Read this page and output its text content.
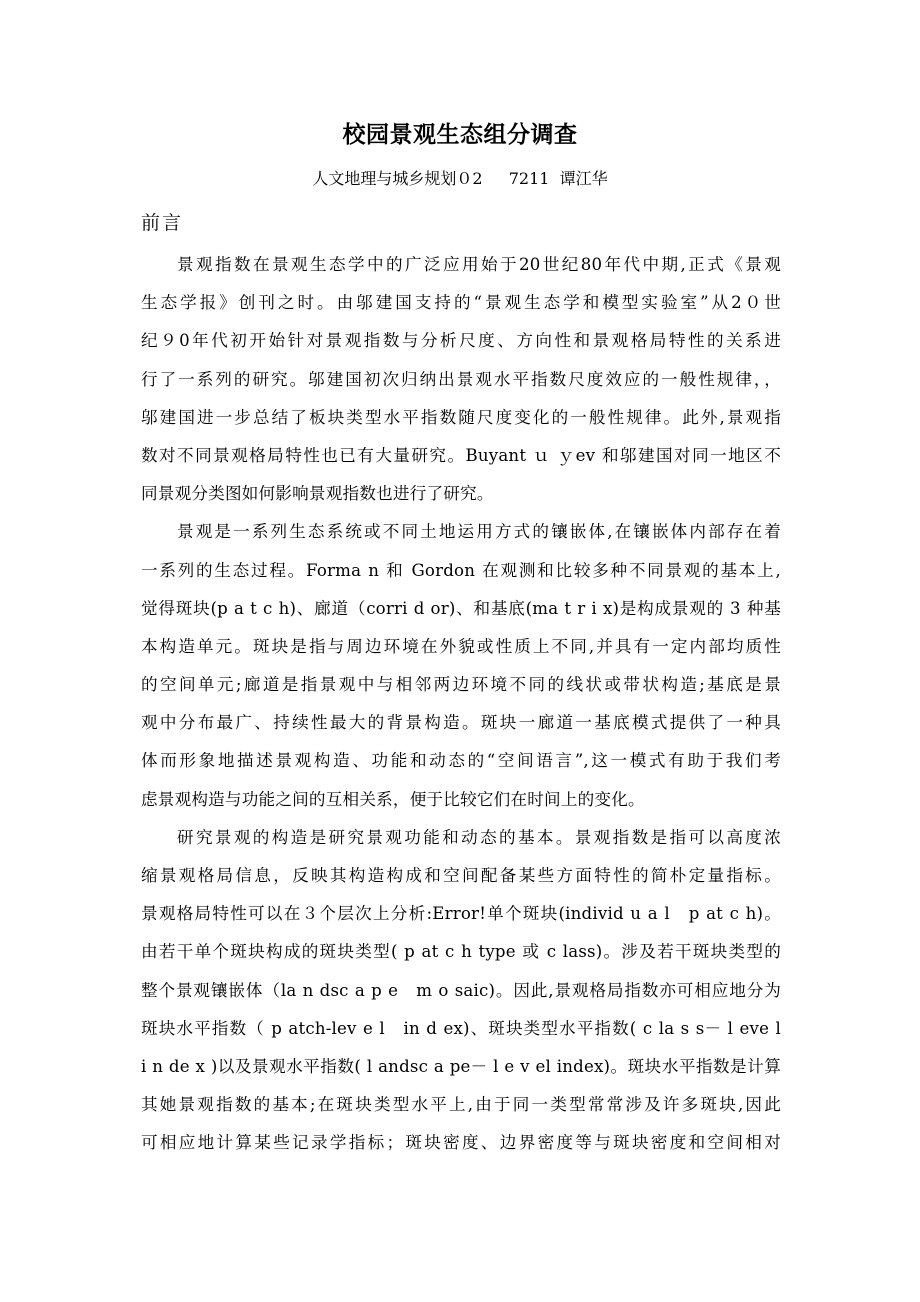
校园景观生态组分调查
人文地理与城乡规划０2　  7211  谭江华
前言
景观指数在景观生态学中的广泛应用始于20世纪80年代中期,正式《景观
生态学报》创刊之时。由邬建国支持的“景观生态学和模型实验室”从2０世
纪９0年代初开始针对景观指数与分析尺度、方向性和景观格局特性的关系进
行了一系列的研究。邬建国初次归纳出景观水平指数尺度效应的一般性规律，，
邬建国进一步总结了板块类型水平指数随尺度变化的一般性规律。此外,景观指
数对不同景观格局特性也已有大量研究。Buyant ｕ ｙev 和邬建国对同一地区不
同景观分类图如何影响景观指数也进行了研究。
景观是一系列生态系统或不同土地运用方式的镶嵌体,在镶嵌体内部存在着
一系列的生态过程。Forma n 和 Gordon 在观测和比较多种不同景观的基本上,
觉得斑块(p a t c h)、廊道（corri d or)、和基底(ma t r i x)是构成景观的 3 种基
本构造单元。斑块是指与周边环境在外貌或性质上不同,并具有一定内部均质性
的空间单元;廊道是指景观中与相邻两边环境不同的线状或带状构造;基底是景
观中分布最广、持续性最大的背景构造。斑块一廊道一基底模式提供了一种具
体而形象地描述景观构造、功能和动态的“空间语言”,这一模式有助于我们考
虑景观构造与功能之间的互相关系，便于比较它们在时间上的变化。
研究景观的构造是研究景观功能和动态的基本。景观指数是指可以高度浓
缩景观格局信息，反映其构造构成和空间配备某些方面特性的简朴定量指标。
景观格局特性可以在３个层次上分析:Error!单个斑块(individ u a l　p at c h)。
由若干单个斑块构成的斑块类型( p at c h type 或 c lass)。涉及若干斑块类型的
整个景观镶嵌体（la n dsc a p e　m o saic)。因此,景观格局指数亦可相应地分为
斑块水平指数（ p atch-lev e l　in d ex)、斑块类型水平指数( c la s s－ l eve l
i n de x )以及景观水平指数( l andsc a pe－ l e v el index)。斑块水平指数是计算
其她景观指数的基本;在斑块类型水平上,由于同一类型常常涉及许多斑块,因此
可相应地计算某些记录学指标；斑块密度、边界密度等与斑块密度和空间相对
